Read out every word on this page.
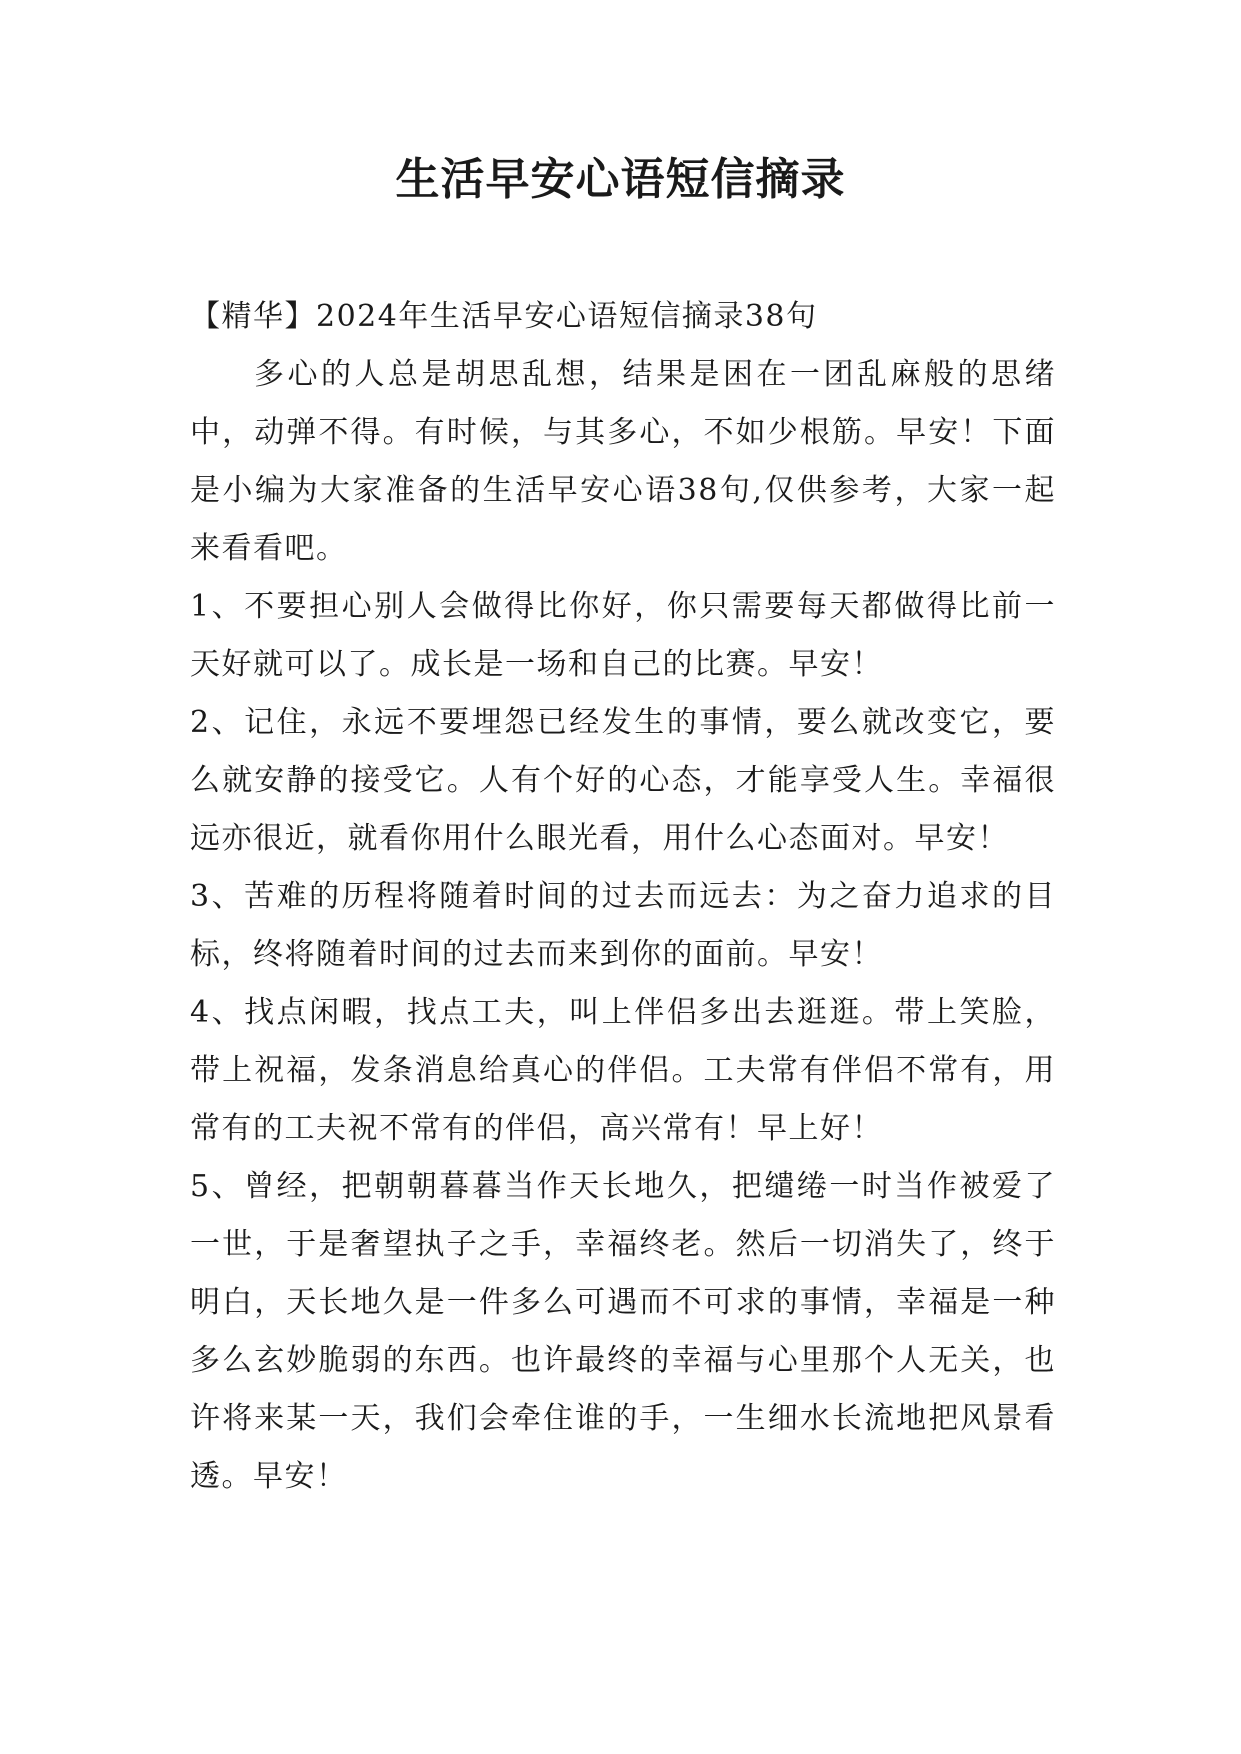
生活早安心语短信摘录

【精华】2024年生活早安心语短信摘录38句

多心的人总是胡思乱想，结果是困在一团乱麻般的思绪中，动弹不得。有时候，与其多心，不如少根筋。早安！下面是小编为大家准备的生活早安心语38句,仅供参考，大家一起来看看吧。

1、不要担心别人会做得比你好，你只需要每天都做得比前一天好就可以了。成长是一场和自己的比赛。早安！

2、记住，永远不要埋怨已经发生的事情，要么就改变它，要么就安静的接受它。人有个好的心态，才能享受人生。幸福很远亦很近，就看你用什么眼光看，用什么心态面对。早安！

3、苦难的历程将随着时间的过去而远去：为之奋力追求的目标，终将随着时间的过去而来到你的面前。早安！

4、找点闲暇，找点工夫，叫上伴侣多出去逛逛。带上笑脸，带上祝福，发条消息给真心的伴侣。工夫常有伴侣不常有，用常有的工夫祝不常有的伴侣，高兴常有！早上好！

5、曾经，把朝朝暮暮当作天长地久，把缱绻一时当作被爱了一世，于是奢望执子之手，幸福终老。然后一切消失了，终于明白，天长地久是一件多么可遇而不可求的事情，幸福是一种多么玄妙脆弱的东西。也许最终的幸福与心里那个人无关，也许将来某一天，我们会牵住谁的手，一生细水长流地把风景看透。早安！
